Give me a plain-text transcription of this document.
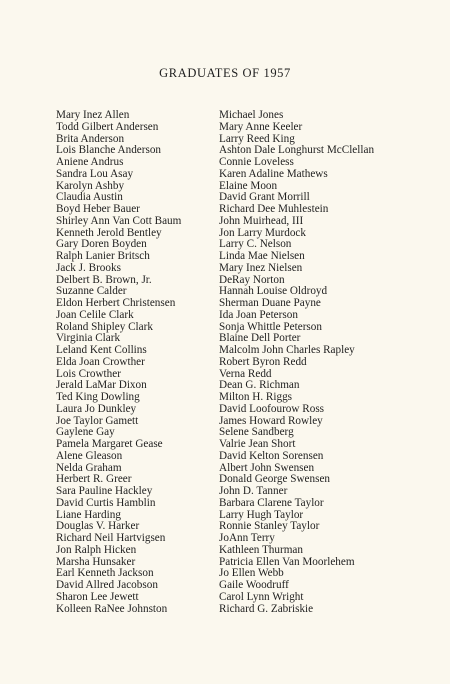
GRADUATES OF 1957
Mary Inez Allen
Todd Gilbert Andersen
Brita Anderson
Lois Blanche Anderson
Aniene Andrus
Sandra Lou Asay
Karolyn Ashby
Claudia Austin
Boyd Heber Bauer
Shirley Ann Van Cott Baum
Kenneth Jerold Bentley
Gary Doren Boyden
Ralph Lanier Britsch
Jack J. Brooks
Delbert B. Brown, Jr.
Suzanne Calder
Eldon Herbert Christensen
Joan Celile Clark
Roland Shipley Clark
Virginia Clark
Leland Kent Collins
Elda Joan Crowther
Lois Crowther
Jerald LaMar Dixon
Ted King Dowling
Laura Jo Dunkley
Joe Taylor Gamett
Gaylene Gay
Pamela Margaret Gease
Alene Gleason
Nelda Graham
Herbert R. Greer
Sara Pauline Hackley
David Curtis Hamblin
Liane Harding
Douglas V. Harker
Richard Neil Hartvigsen
Jon Ralph Hicken
Marsha Hunsaker
Earl Kenneth Jackson
David Allred Jacobson
Sharon Lee Jewett
Kolleen RaNee Johnston
Michael Jones
Mary Anne Keeler
Larry Reed King
Ashton Dale Longhurst McClellan
Connie Loveless
Karen Adaline Mathews
Elaine Moon
David Grant Morrill
Richard Dee Muhlestein
John Muirhead, III
Jon Larry Murdock
Larry C. Nelson
Linda Mae Nielsen
Mary Inez Nielsen
DeRay Norton
Hannah Louise Oldroyd
Sherman Duane Payne
Ida Joan Peterson
Sonja Whittle Peterson
Blaine Dell Porter
Malcolm John Charles Rapley
Robert Byron Redd
Verna Redd
Dean G. Richman
Milton H. Riggs
David Loofourow Ross
James Howard Rowley
Selene Sandberg
Valrie Jean Short
David Kelton Sorensen
Albert John Swensen
Donald George Swensen
John D. Tanner
Barbara Clarene Taylor
Larry Hugh Taylor
Ronnie Stanley Taylor
JoAnn Terry
Kathleen Thurman
Patricia Ellen Van Moorlehem
Jo Ellen Webb
Gaile Woodruff
Carol Lynn Wright
Richard G. Zabriskie
